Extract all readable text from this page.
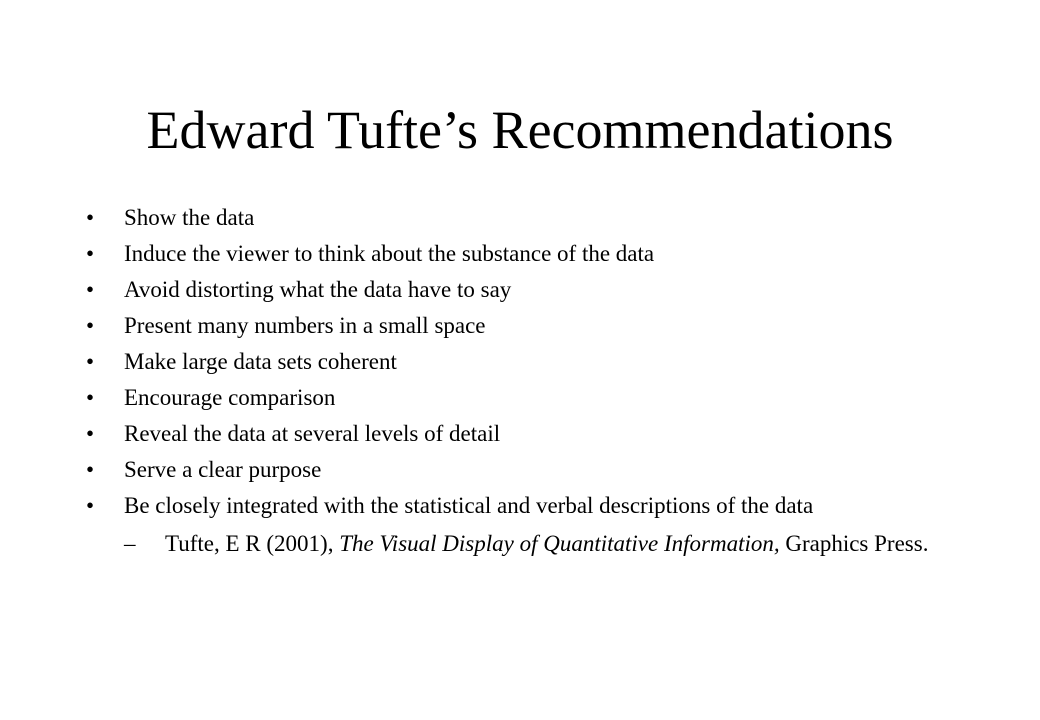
Edward Tufte’s Recommendations
• Show the data
• Induce the viewer to think about the substance of the data
• Avoid distorting what the data have to say
• Present many numbers in a small space
• Make large data sets coherent
• Encourage comparison
• Reveal the data at several levels of detail
• Serve a clear purpose
• Be closely integrated with the statistical and verbal descriptions of the data
– Tufte, E R (2001), The Visual Display of Quantitative Information, Graphics Press.
